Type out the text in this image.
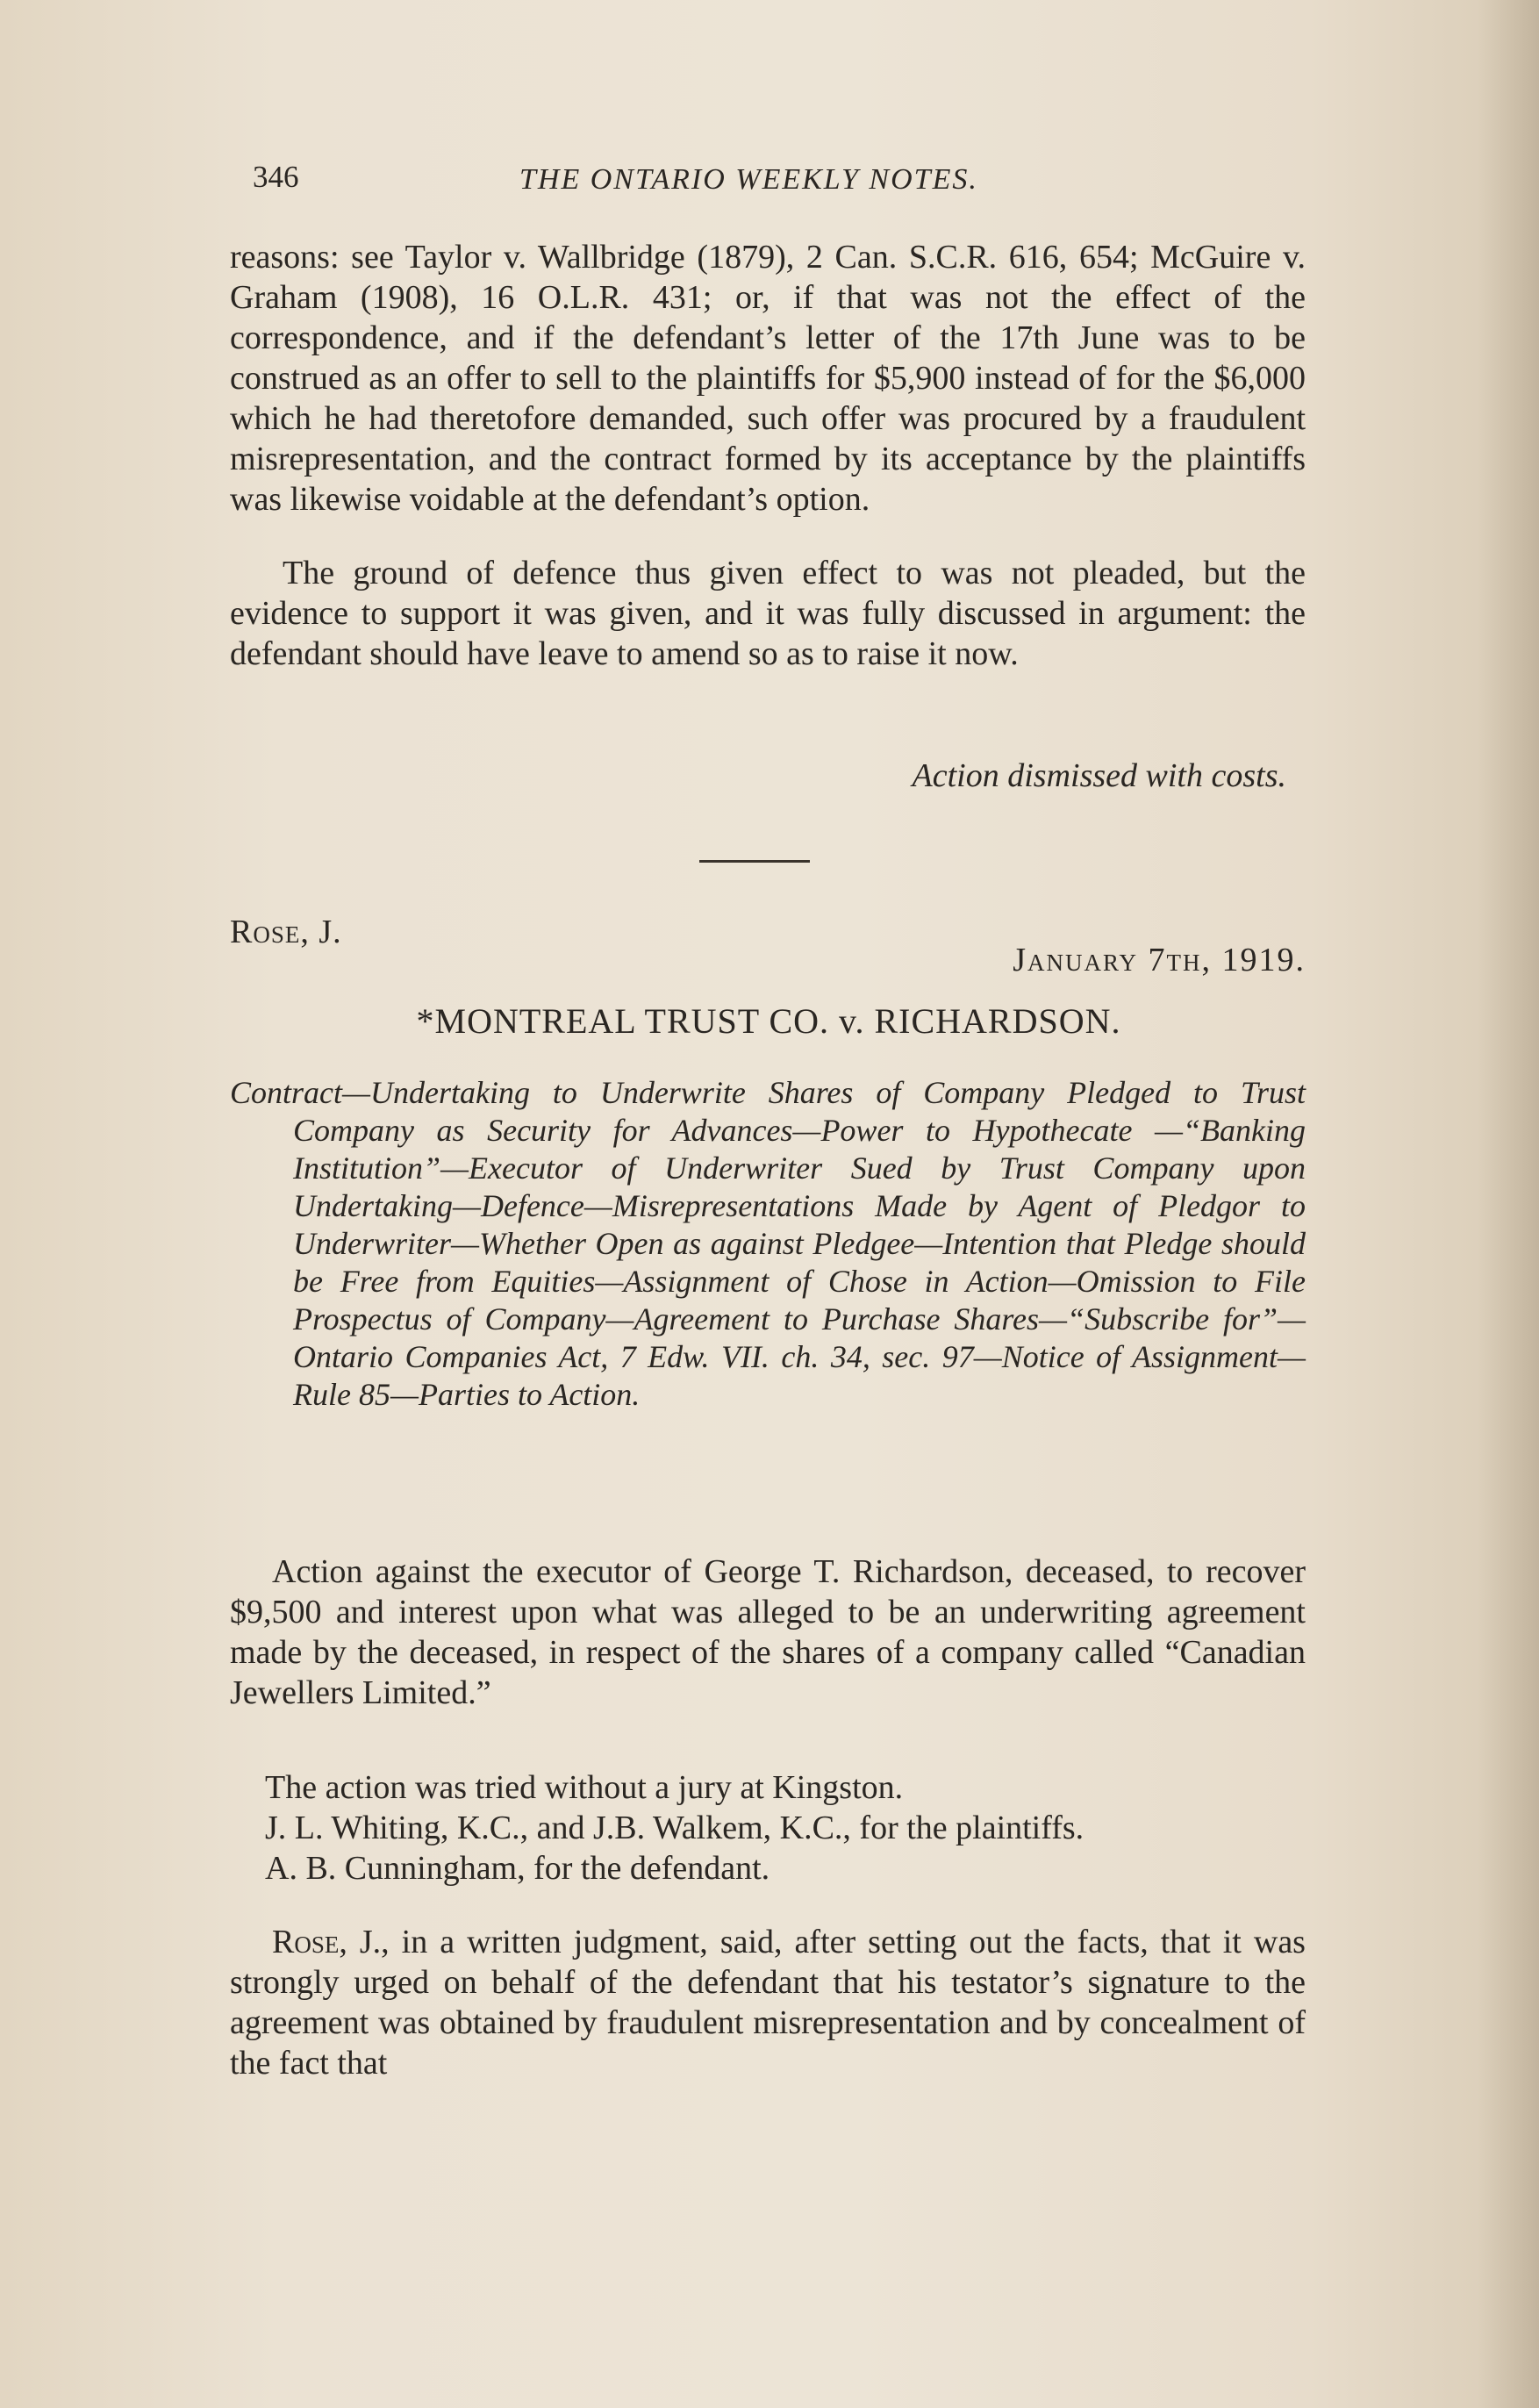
346	THE ONTARIO WEEKLY NOTES.

reasons: see Taylor v. Wallbridge (1879), 2 Can. S.C.R. 616, 654; McGuire v. Graham (1908), 16 O.L.R. 431; or, if that was not the effect of the correspondence, and if the defendant’s letter of the 17th June was to be construed as an offer to sell to the plaintiffs for $5,900 instead of for the $6,000 which he had theretofore demanded, such offer was procured by a fraudulent misrepresentation, and the contract formed by its acceptance by the plaintiffs was likewise voidable at the defendant’s option.

The ground of defence thus given effect to was not pleaded, but the evidence to support it was given, and it was fully discussed in argument: the defendant should have leave to amend so as to raise it now.

Action dismissed with costs.
Rose, J.
January 7th, 1919.
*MONTREAL TRUST CO. v. RICHARDSON.

Contract—Undertaking to Underwrite Shares of Company Pledged to Trust Company as Security for Advances—Power to Hypothecate —“Banking Institution”—Executor of Underwriter Sued by Trust Company upon Undertaking—Defence—Misrepresentations Made by Agent of Pledgor to Underwriter—Whether Open as against Pledgee—Intention that Pledge should be Free from Equities—Assignment of Chose in Action—Omission to File Prospectus of Company—Agreement to Purchase Shares—“Subscribe for”—Ontario Companies Act, 7 Edw. VII. ch. 34, sec. 97—Notice of Assignment—Rule 85—Parties to Action.

Action against the executor of George T. Richardson, deceased, to recover $9,500 and interest upon what was alleged to be an underwriting agreement made by the deceased, in respect of the shares of a company called “Canadian Jewellers Limited.”

The action was tried without a jury at Kingston.
J. L. Whiting, K.C., and J.B. Walkem, K.C., for the plaintiffs.
A. B. Cunningham, for the defendant.

Rose, J., in a written judgment, said, after setting out the facts, that it was strongly urged on behalf of the defendant that his testator’s signature to the agreement was obtained by fraudulent misrepresentation and by concealment of the fact that
